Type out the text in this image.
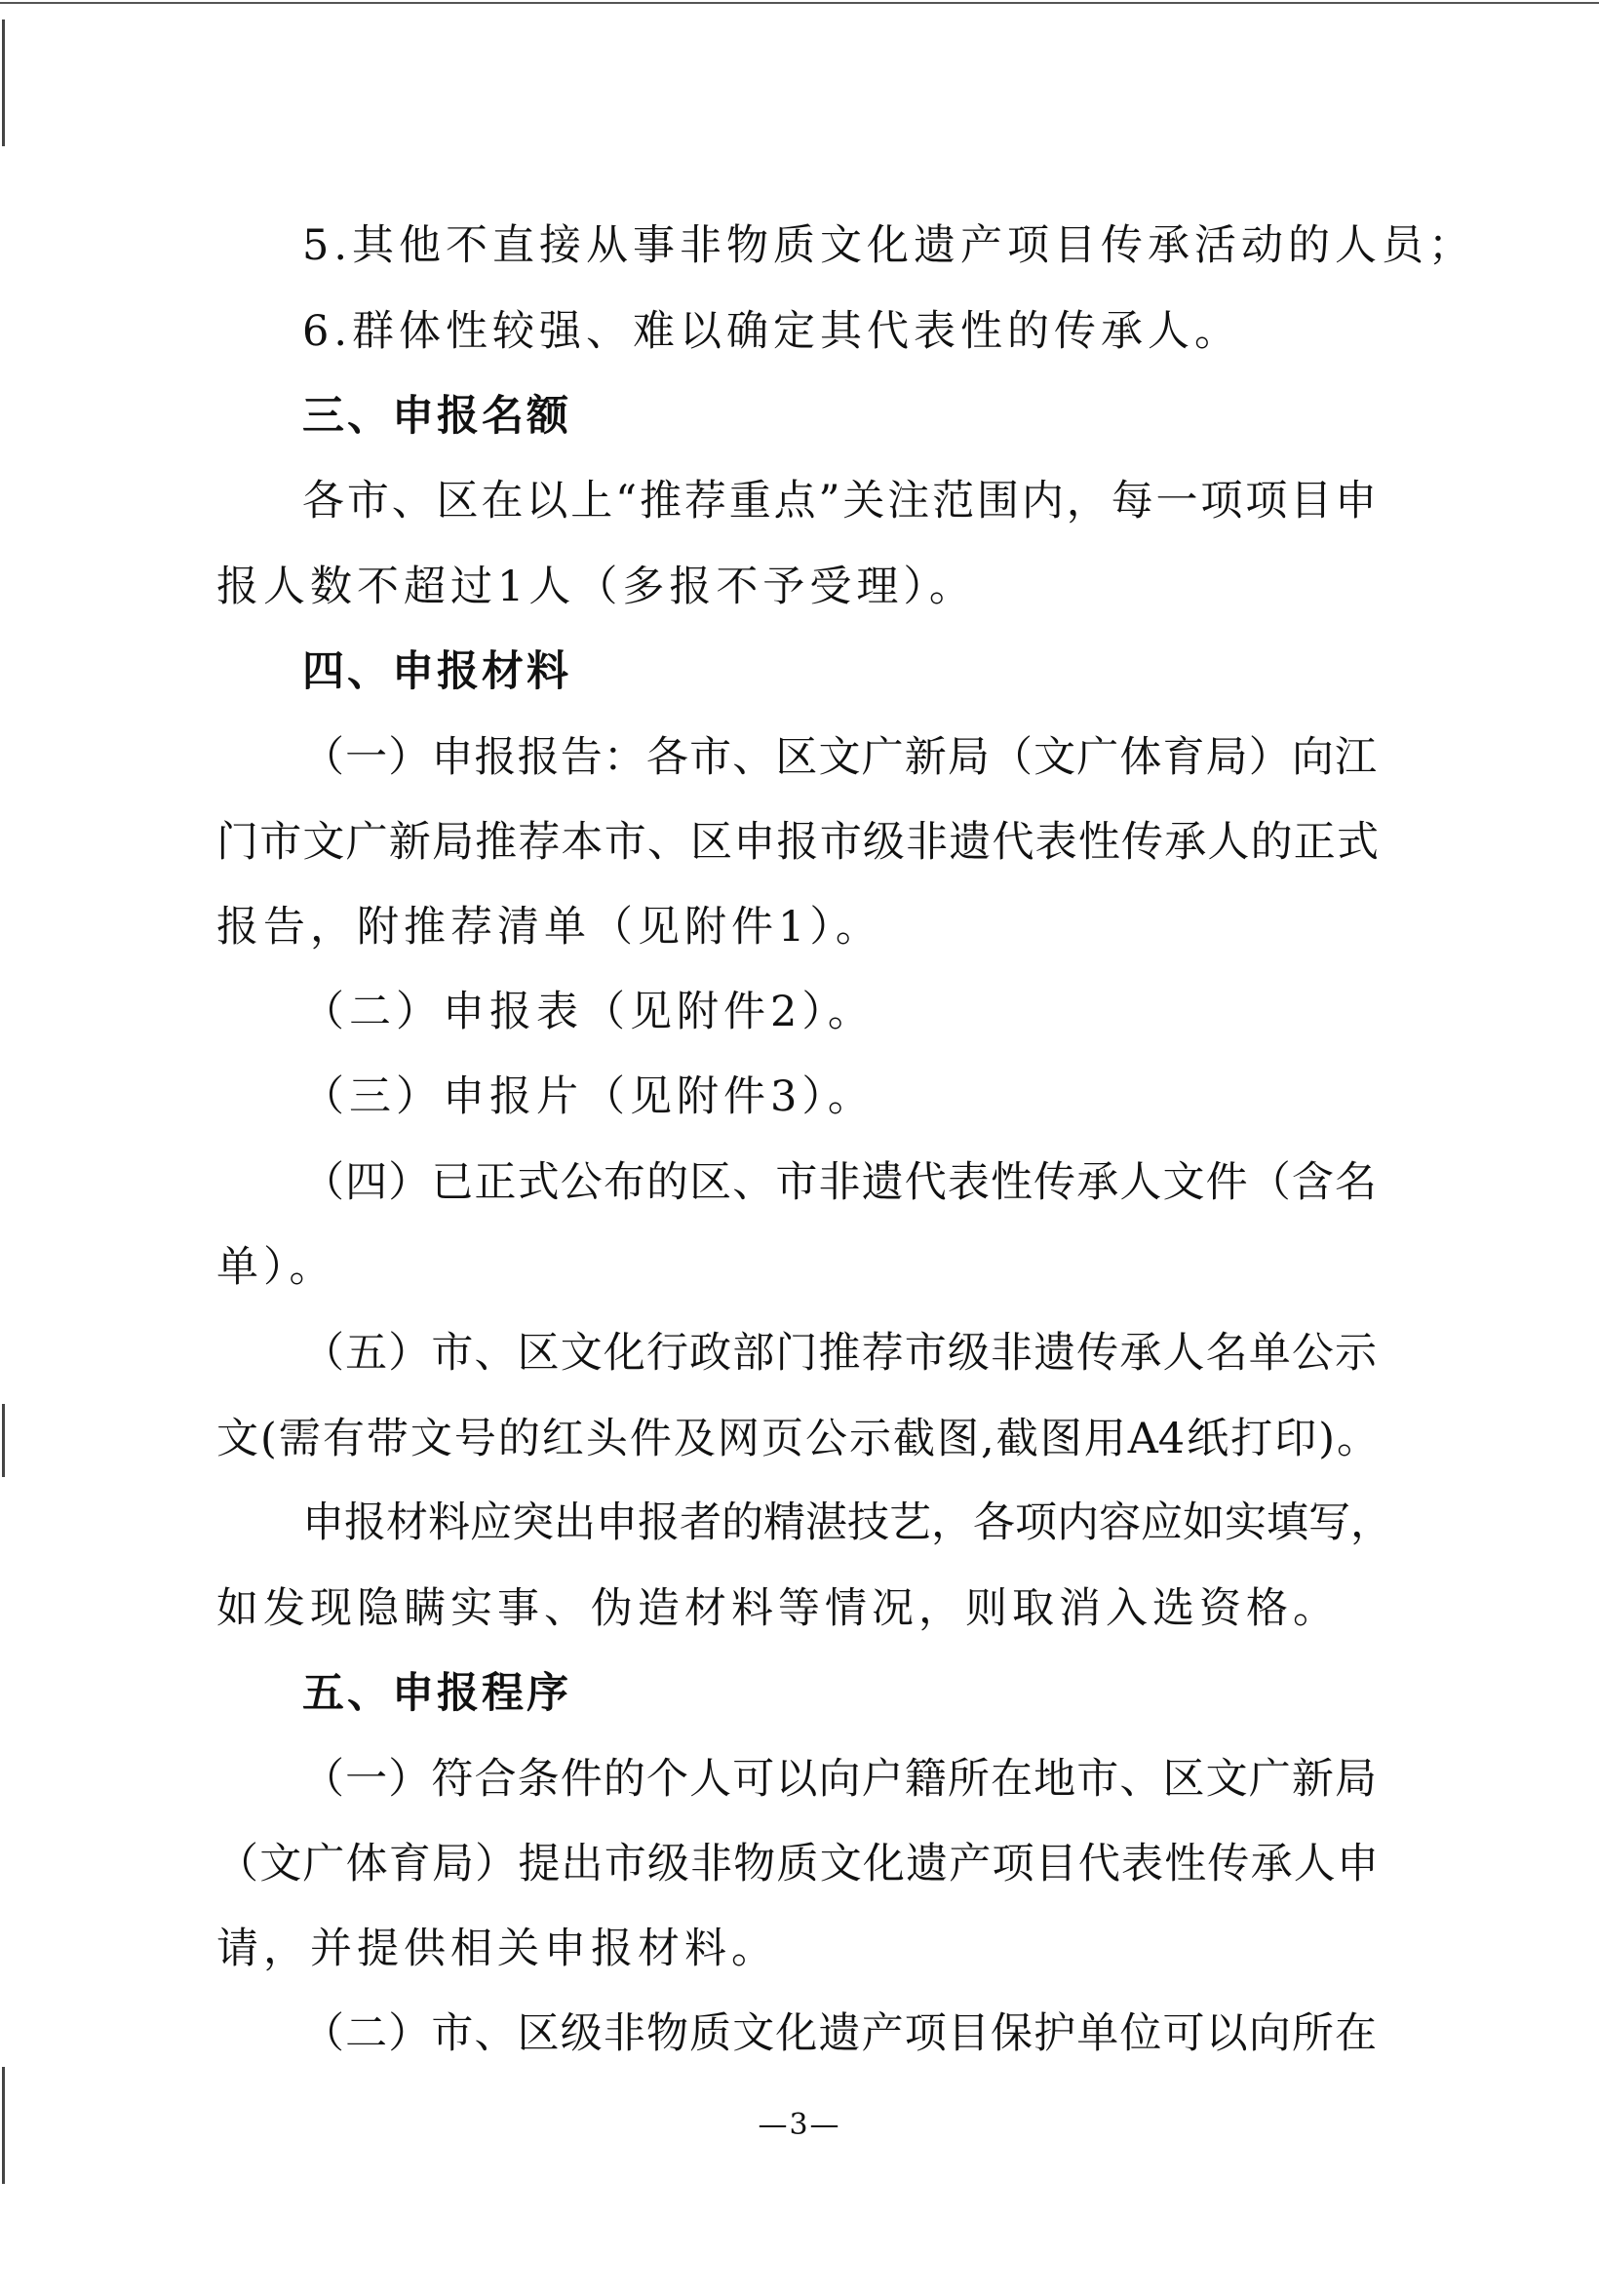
5.其他不直接从事非物质文化遗产项目传承活动的人员；
6.群体性较强、难以确定其代表性的传承人。
三、申报名额
各市、区在以上“推荐重点”关注范围内，每一项项目申
报人数不超过1人（多报不予受理）。
四、申报材料
（一）申报报告：各市、区文广新局（文广体育局）向江
门市文广新局推荐本市、区申报市级非遗代表性传承人的正式
报告，附推荐清单（见附件1）。
（二）申报表（见附件2）。
（三）申报片（见附件3）。
（四）已正式公布的区、市非遗代表性传承人文件（含名
单）。
（五）市、区文化行政部门推荐市级非遗传承人名单公示
文(需有带文号的红头件及网页公示截图,截图用A4纸打印)。
申报材料应突出申报者的精湛技艺，各项内容应如实填写，
如发现隐瞒实事、伪造材料等情况，则取消入选资格。
五、申报程序
（一）符合条件的个人可以向户籍所在地市、区文广新局
（文广体育局）提出市级非物质文化遗产项目代表性传承人申
请，并提供相关申报材料。
（二）市、区级非物质文化遗产项目保护单位可以向所在
—3—
